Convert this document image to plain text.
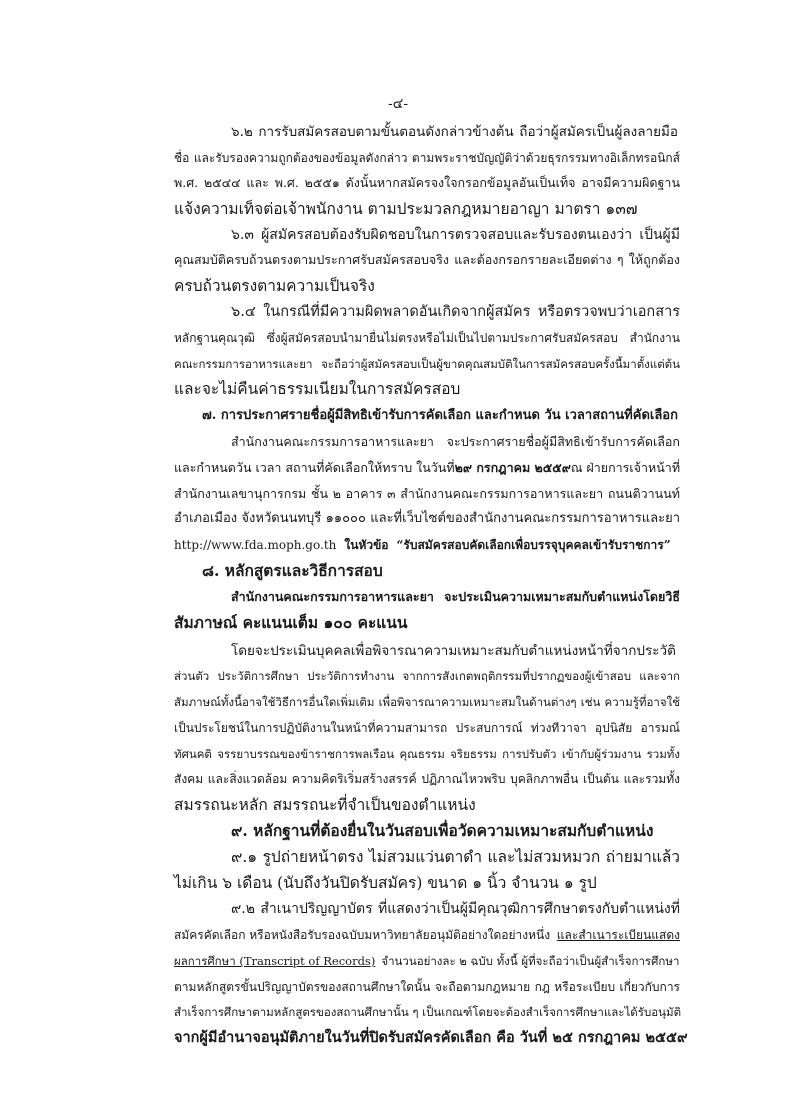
-๔-
๖.๒ การรับสมัครสอบตามขั้นตอนดังกล่าวข้างต้น ถือว่าผู้สมัครเป็นผู้ลงลายมือ
ชื่อ และรับรองความถูกต้องของข้อมูลดังกล่าว ตามพระราชบัญญัติว่าด้วยธุรกรรมทางอิเล็กทรอนิกส์
พ.ศ. ๒๕๔๔ และ พ.ศ. ๒๕๕๑ ดังนั้นหากสมัครจงใจกรอกข้อมูลอันเป็นเท็จ อาจมีความผิดฐาน
แจ้งความเท็จต่อเจ้าพนักงาน ตามประมวลกฎหมายอาญา มาตรา ๑๓๗
๖.๓ ผู้สมัครสอบต้องรับผิดชอบในการตรวจสอบและรับรองตนเองว่า เป็นผู้มี
คุณสมบัติครบถ้วนตรงตามประกาศรับสมัครสอบจริง และต้องกรอกรายละเอียดต่าง ๆ ให้ถูกต้อง
ครบถ้วนตรงตามความเป็นจริง
๖.๔ ในกรณีที่มีความผิดพลาดอันเกิดจากผู้สมัคร หรือตรวจพบว่าเอกสาร
หลักฐานคุณวุฒิ ซึ่งผู้สมัครสอบนำมายื่นไม่ตรงหรือไม่เป็นไปตามประกาศรับสมัครสอบ สำนักงาน
คณะกรรมการอาหารและยา จะถือว่าผู้สมัครสอบเป็นผู้ขาดคุณสมบัติในการสมัครสอบครั้งนี้มาตั้งแต่ต้น
และจะไม่คืนค่าธรรมเนียมในการสมัครสอบ
๗. การประกาศรายชื่อผู้มีสิทธิเข้ารับการคัดเลือก และกำหนด วัน เวลาสถานที่คัดเลือก
สำนักงานคณะกรรมการอาหารและยา จะประกาศรายชื่อผู้มีสิทธิเข้ารับการคัดเลือก
และกำหนดวัน เวลา สถานที่คัดเลือกให้ทราบ ในวันที่ ๒๙ กรกฎาคม ๒๕๕๙ ณ ฝ่ายการเจ้าหน้าที่
สำนักงานเลขานุการกรม ชั้น ๒ อาคาร ๓ สำนักงานคณะกรรมการอาหารและยา ถนนติวานนท์
อำเภอเมือง จังหวัดนนทบุรี ๑๑๐๐๐ และที่เว็บไซต์ของสำนักงานคณะกรรมการอาหารและยา
http://www.fda.moph.go.th ในหัวข้อ “รับสมัครสอบคัดเลือกเพื่อบรรจุบุคคลเข้ารับราชการ”
๘. หลักสูตรและวิธีการสอบ
สำนักงานคณะกรรมการอาหารและยา จะประเมินความเหมาะสมกับตำแหน่งโดยวิธี
สัมภาษณ์ คะแนนเต็ม ๑๐๐ คะแนน
โดยจะประเมินบุคคลเพื่อพิจารณาความเหมาะสมกับตำแหน่งหน้าที่จากประวัติ
ส่วนตัว ประวัติการศึกษา ประวัติการทำงาน จากการสังเกตพฤติกรรมที่ปรากฏของผู้เข้าสอบ และจาก
สัมภาษณ์ทั้งนี้อาจใช้วิธีการอื่นใดเพิ่มเติม เพื่อพิจารณาความเหมาะสมในด้านต่างๆ เช่น ความรู้ที่อาจใช้
เป็นประโยชน์ในการปฏิบัติงานในหน้าที่ความสามารถ ประสบการณ์ ท่วงทีวาจา อุปนิสัย อารมณ์
ทัศนคติ จรรยาบรรณของข้าราชการพลเรือน คุณธรรม จริยธรรม การปรับตัว เข้ากับผู้ร่วมงาน รวมทั้ง
สังคม และสิ่งแวดล้อม ความคิดริเริ่มสร้างสรรค์ ปฏิภาณไหวพริบ บุคลิกภาพอื่น เป็นต้น และรวมทั้ง
สมรรถนะหลัก สมรรถนะที่จำเป็นของตำแหน่ง
๙. หลักฐานที่ต้องยื่นในวันสอบเพื่อวัดความเหมาะสมกับตำแหน่ง
๙.๑ รูปถ่ายหน้าตรง ไม่สวมแว่นตาดำ และไม่สวมหมวก ถ่ายมาแล้ว
ไม่เกิน ๖ เดือน (นับถึงวันปิดรับสมัคร) ขนาด ๑ นิ้ว จำนวน ๑ รูป
๙.๒ สำเนาปริญญาบัตร ที่แสดงว่าเป็นผู้มีคุณวุฒิการศึกษาตรงกับตำแหน่งที่
สมัครคัดเลือก หรือหนังสือรับรองฉบับมหาวิทยาลัยอนุมัติอย่างใดอย่างหนึ่ง และสำเนาระเบียนแสดง
ผลการศึกษา (Transcript of Records) จำนวนอย่างละ ๒ ฉบับ ทั้งนี้ ผู้ที่จะถือว่าเป็นผู้สำเร็จการศึกษา
ตามหลักสูตรขั้นปริญญาบัตรของสถานศึกษาใดนั้น จะถือตามกฎหมาย กฎ หรือระเบียบ เกี่ยวกับการ
สำเร็จการศึกษาตามหลักสูตรของสถานศึกษานั้น ๆ เป็นเกณฑ์โดยจะต้องสำเร็จการศึกษาและได้รับอนุมัติ
จากผู้มีอำนาจอนุมัติภายในวันที่ปิดรับสมัครคัดเลือก คือ วันที่ ๒๕ กรกฎาคม ๒๕๕๙
